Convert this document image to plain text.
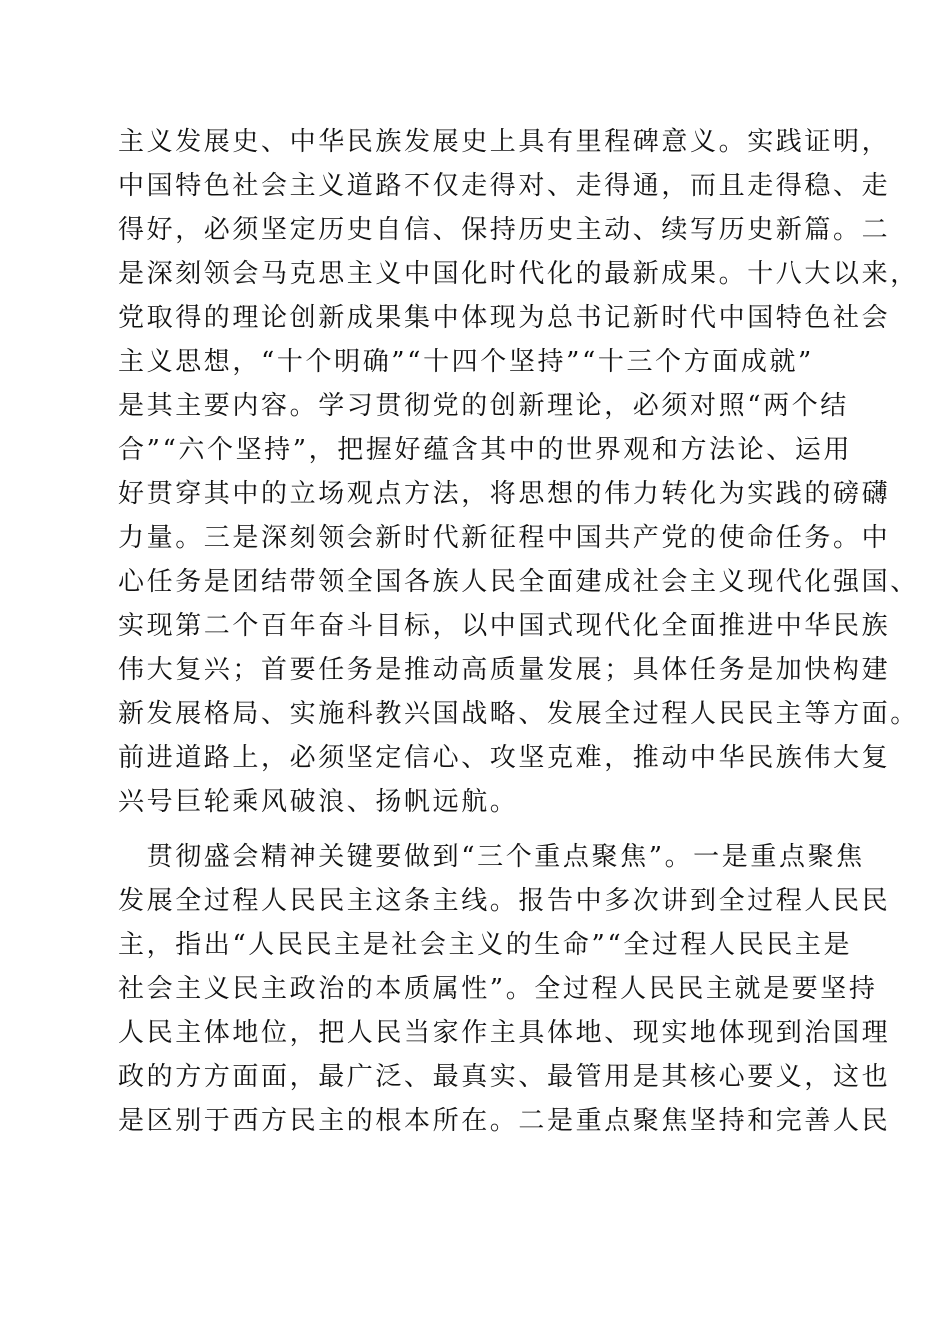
主义发展史、中华民族发展史上具有里程碑意义。实践证明，
中国特色社会主义道路不仅走得对、走得通，而且走得稳、走
得好，必须坚定历史自信、保持历史主动、续写历史新篇。二
是深刻领会马克思主义中国化时代化的最新成果。十八大以来，
党取得的理论创新成果集中体现为总书记新时代中国特色社会
主义思想，“十个明确”“十四个坚持”“十三个方面成就”
是其主要内容。学习贯彻党的创新理论，必须对照“两个结
合”“六个坚持”，把握好蕴含其中的世界观和方法论、运用
好贯穿其中的立场观点方法，将思想的伟力转化为实践的磅礴
力量。三是深刻领会新时代新征程中国共产党的使命任务。中
心任务是团结带领全国各族人民全面建成社会主义现代化强国、
实现第二个百年奋斗目标，以中国式现代化全面推进中华民族
伟大复兴；首要任务是推动高质量发展；具体任务是加快构建
新发展格局、实施科教兴国战略、发展全过程人民民主等方面。
前进道路上，必须坚定信心、攻坚克难，推动中华民族伟大复
兴号巨轮乘风破浪、扬帆远航。
　贯彻盛会精神关键要做到“三个重点聚焦”。一是重点聚焦
发展全过程人民民主这条主线。报告中多次讲到全过程人民民
主，指出“人民民主是社会主义的生命”“全过程人民民主是
社会主义民主政治的本质属性”。全过程人民民主就是要坚持
人民主体地位，把人民当家作主具体地、现实地体现到治国理
政的方方面面，最广泛、最真实、最管用是其核心要义，这也
是区别于西方民主的根本所在。二是重点聚焦坚持和完善人民
